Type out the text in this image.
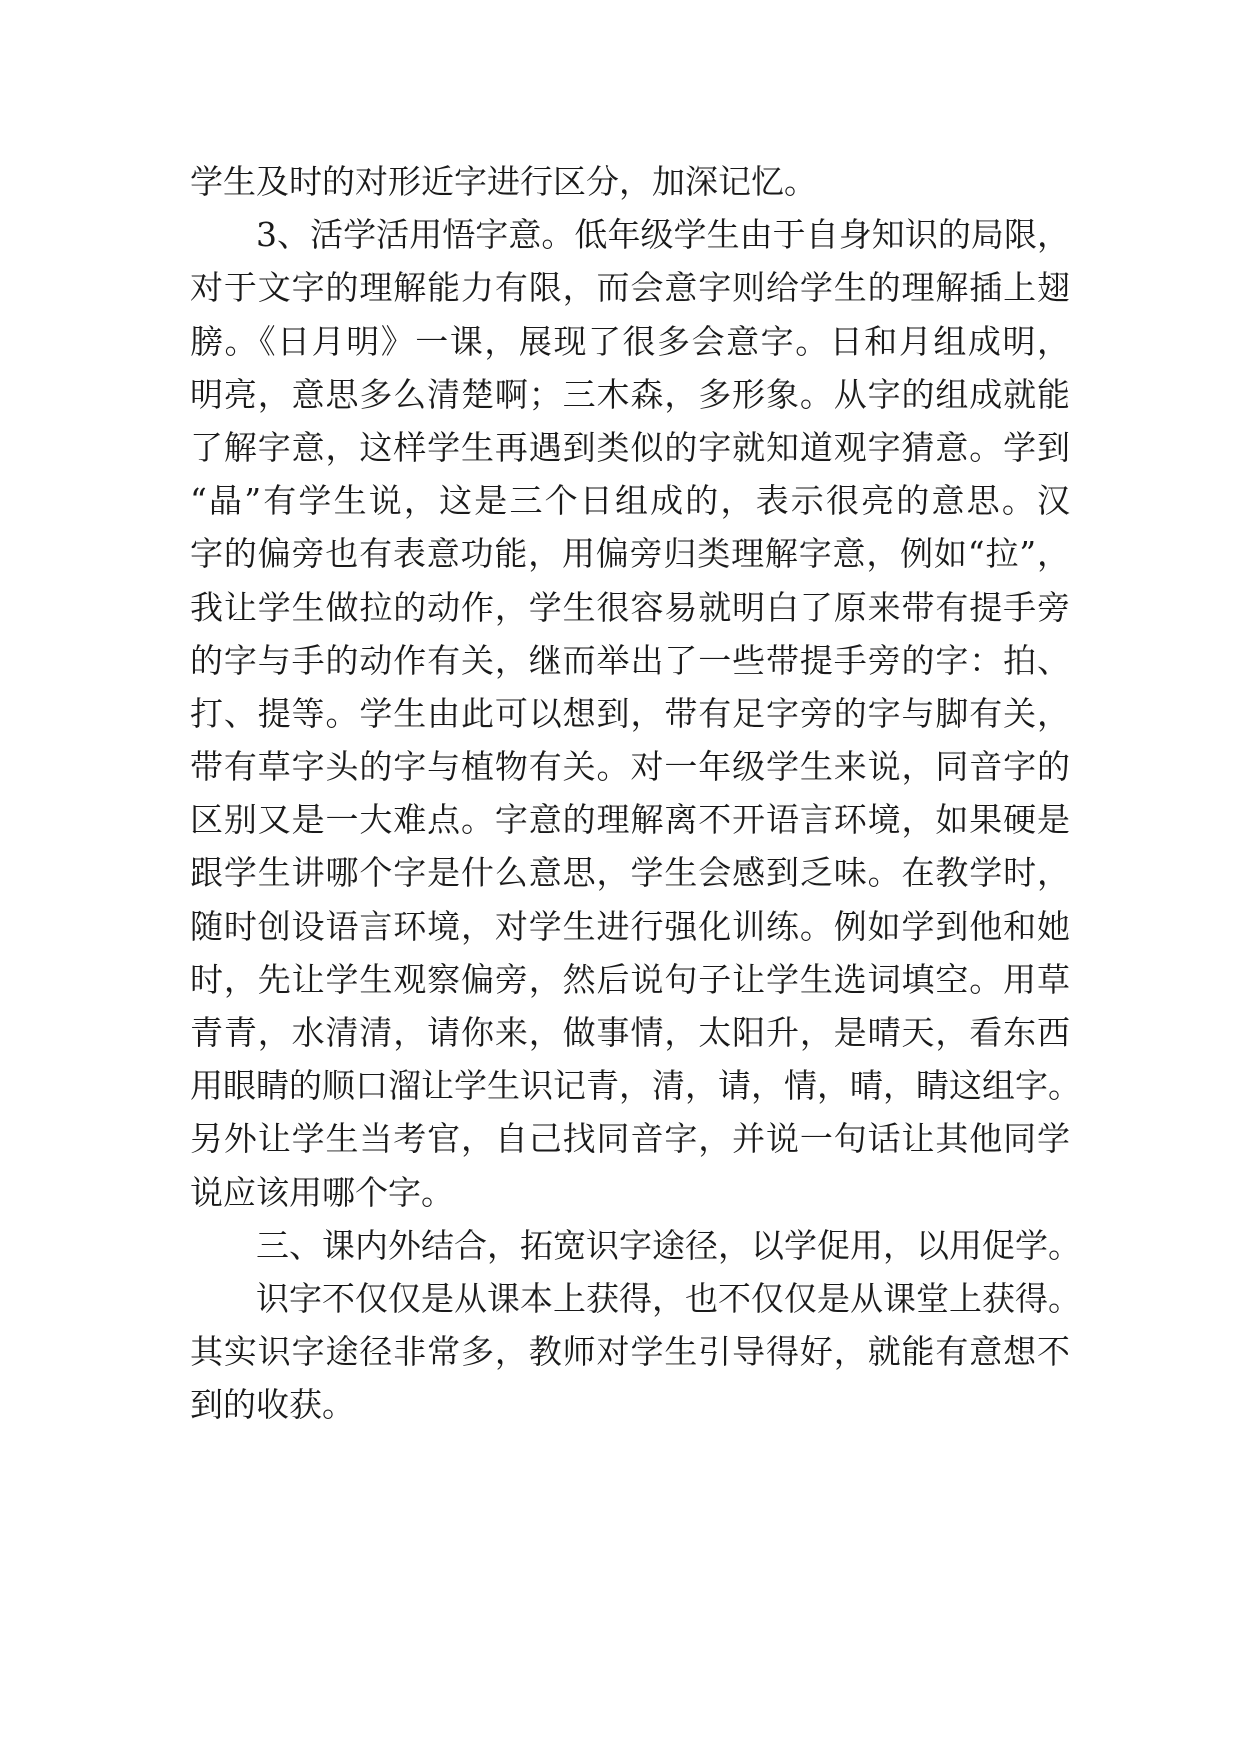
学生及时的对形近字进行区分，加深记忆。
3、活学活用悟字意。低年级学生由于自身知识的局限，
对于文字的理解能力有限，而会意字则给学生的理解插上翅
膀。《日月明》一课，展现了很多会意字。日和月组成明，
明亮，意思多么清楚啊；三木森，多形象。从字的组成就能
了解字意，这样学生再遇到类似的字就知道观字猜意。学到
“晶”有学生说，这是三个日组成的，表示很亮的意思。汉
字的偏旁也有表意功能，用偏旁归类理解字意，例如“拉”，
我让学生做拉的动作，学生很容易就明白了原来带有提手旁
的字与手的动作有关，继而举出了一些带提手旁的字：拍、
打、提等。学生由此可以想到，带有足字旁的字与脚有关，
带有草字头的字与植物有关。对一年级学生来说，同音字的
区别又是一大难点。字意的理解离不开语言环境，如果硬是
跟学生讲哪个字是什么意思，学生会感到乏味。在教学时，
随时创设语言环境，对学生进行强化训练。例如学到他和她
时，先让学生观察偏旁，然后说句子让学生选词填空。用草
青青，水清清，请你来，做事情，太阳升，是晴天，看东西
用眼睛的顺口溜让学生识记青，清，请，情，晴，睛这组字。
另外让学生当考官，自己找同音字，并说一句话让其他同学
说应该用哪个字。
三、课内外结合，拓宽识字途径，以学促用，以用促学。
识字不仅仅是从课本上获得，也不仅仅是从课堂上获得。
其实识字途径非常多，教师对学生引导得好，就能有意想不
到的收获。
